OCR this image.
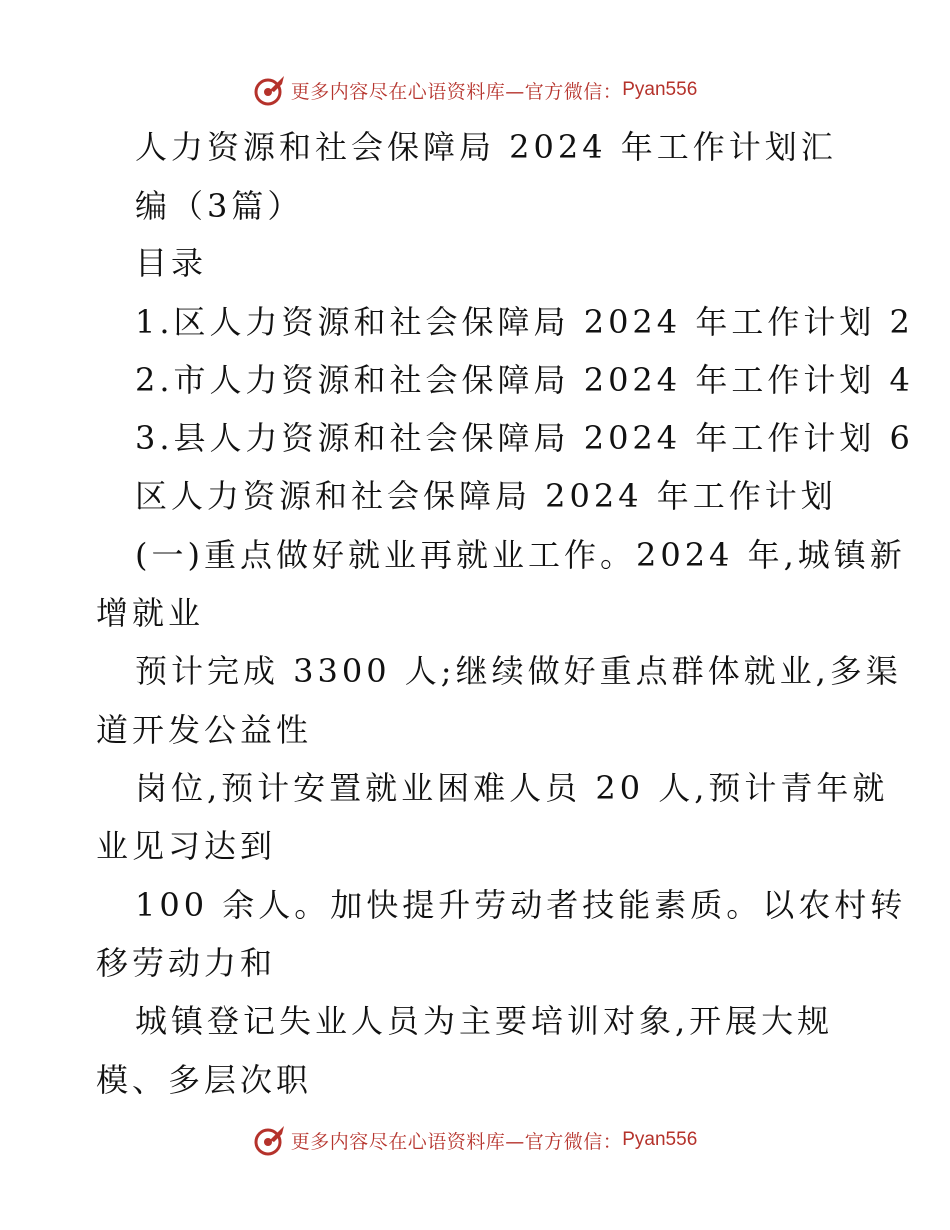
更多内容尽在心语资料库—官方微信： Pyan556
人力资源和社会保障局 2024 年工作计划汇
编（3篇）
目录
1.区人力资源和社会保障局 2024 年工作计划 2
2.市人力资源和社会保障局 2024 年工作计划 4
3.县人力资源和社会保障局 2024 年工作计划 6
区人力资源和社会保障局 2024 年工作计划
(一)重点做好就业再就业工作。2024 年,城镇新
增就业
预计完成 3300 人;继续做好重点群体就业,多渠
道开发公益性
岗位,预计安置就业困难人员 20 人,预计青年就
业见习达到
100 余人。加快提升劳动者技能素质。以农村转
移劳动力和
城镇登记失业人员为主要培训对象,开展大规
模、多层次职
更多内容尽在心语资料库—官方微信： Pyan556
